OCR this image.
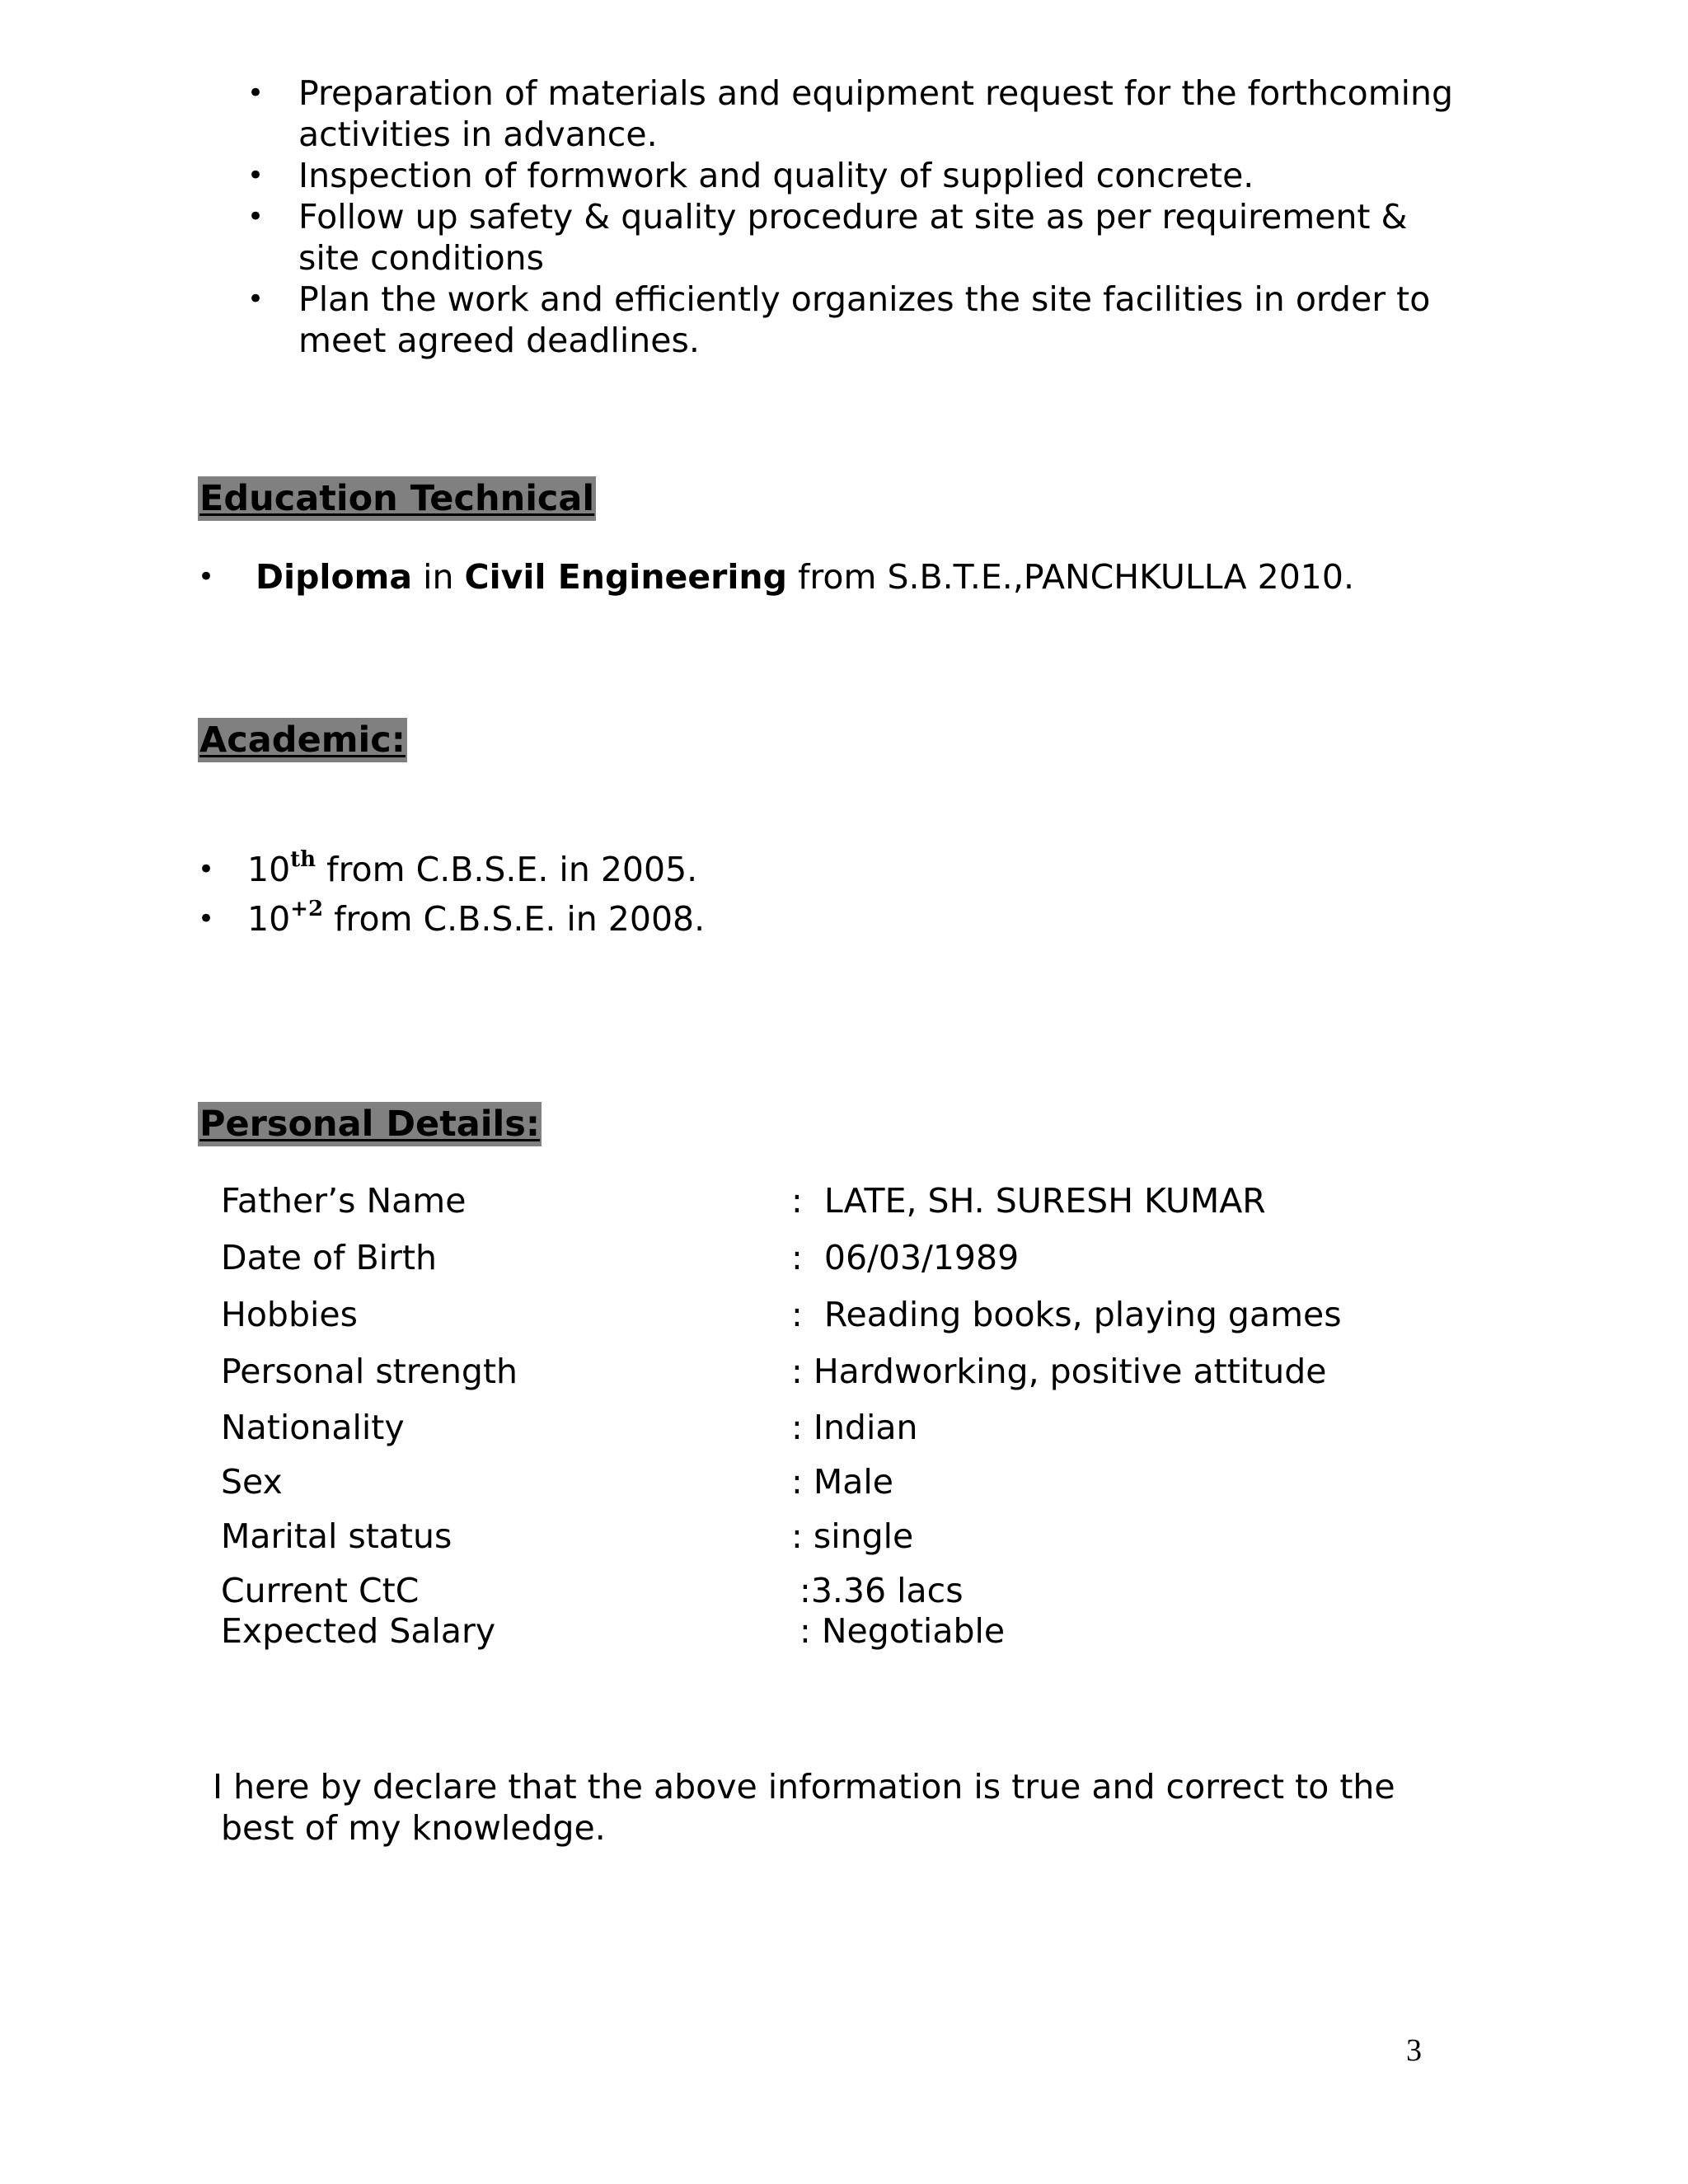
• Preparation of materials and equipment request for the forthcoming activities in advance.
• Inspection of formwork and quality of supplied concrete.
• Follow up safety & quality procedure at site as per requirement & site conditions
• Plan the work and efficiently organizes the site facilities in order to meet agreed deadlines.
Education Technical
• Diploma in Civil Engineering from S.B.T.E.,PANCHKULLA 2010.
Academic:
• 10th from C.B.S.E. in 2005.
• $10^{+2}$ from C.B.S.E. in 2008.
Personal Details:
Father’s Name	:  LATE, SH. SURESH KUMAR
Date of Birth	:  06/03/1989
Hobbies	:  Reading books, playing games
Personal strength	: Hardworking, positive attitude
Nationality	: Indian
Sex	: Male
Marital status	: single
Current CtC	:3.36 lacs
Expected Salary	: Negotiable
I here by declare that the above information is true and correct to the
best of my knowledge.
3
